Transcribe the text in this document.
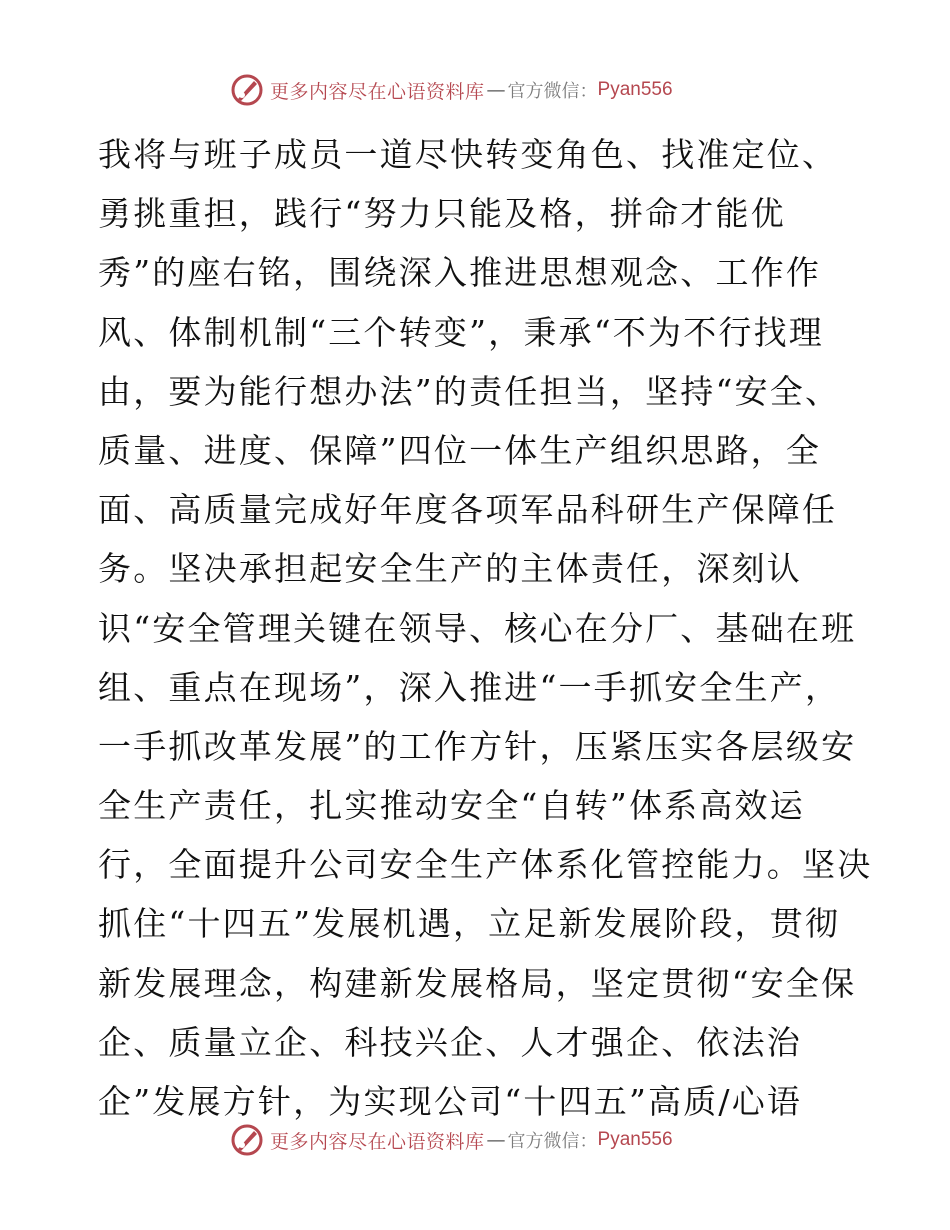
更多内容尽在心语资料库 — 官方微信： Pyan556
我将与班子成员一道尽快转变角色、找准定位、
勇挑重担，践行“努力只能及格，拼命才能优
秀”的座右铭，围绕深入推进思想观念、工作作
风、体制机制“三个转变”，秉承“不为不行找理
由，要为能行想办法”的责任担当，坚持“安全、
质量、进度、保障”四位一体生产组织思路，全
面、高质量完成好年度各项军品科研生产保障任
务。坚决承担起安全生产的主体责任，深刻认
识“安全管理关键在领导、核心在分厂、基础在班
组、重点在现场”，深入推进“一手抓安全生产，
一手抓改革发展”的工作方针，压紧压实各层级安
全生产责任，扎实推动安全“自转”体系高效运
行，全面提升公司安全生产体系化管控能力。坚决
抓住“十四五”发展机遇，立足新发展阶段，贯彻
新发展理念，构建新发展格局，坚定贯彻“安全保
企、质量立企、科技兴企、人才强企、依法治
企”发展方针，为实现公司“十四五”高质/心语
更多内容尽在心语资料库 — 官方微信： Pyan556
